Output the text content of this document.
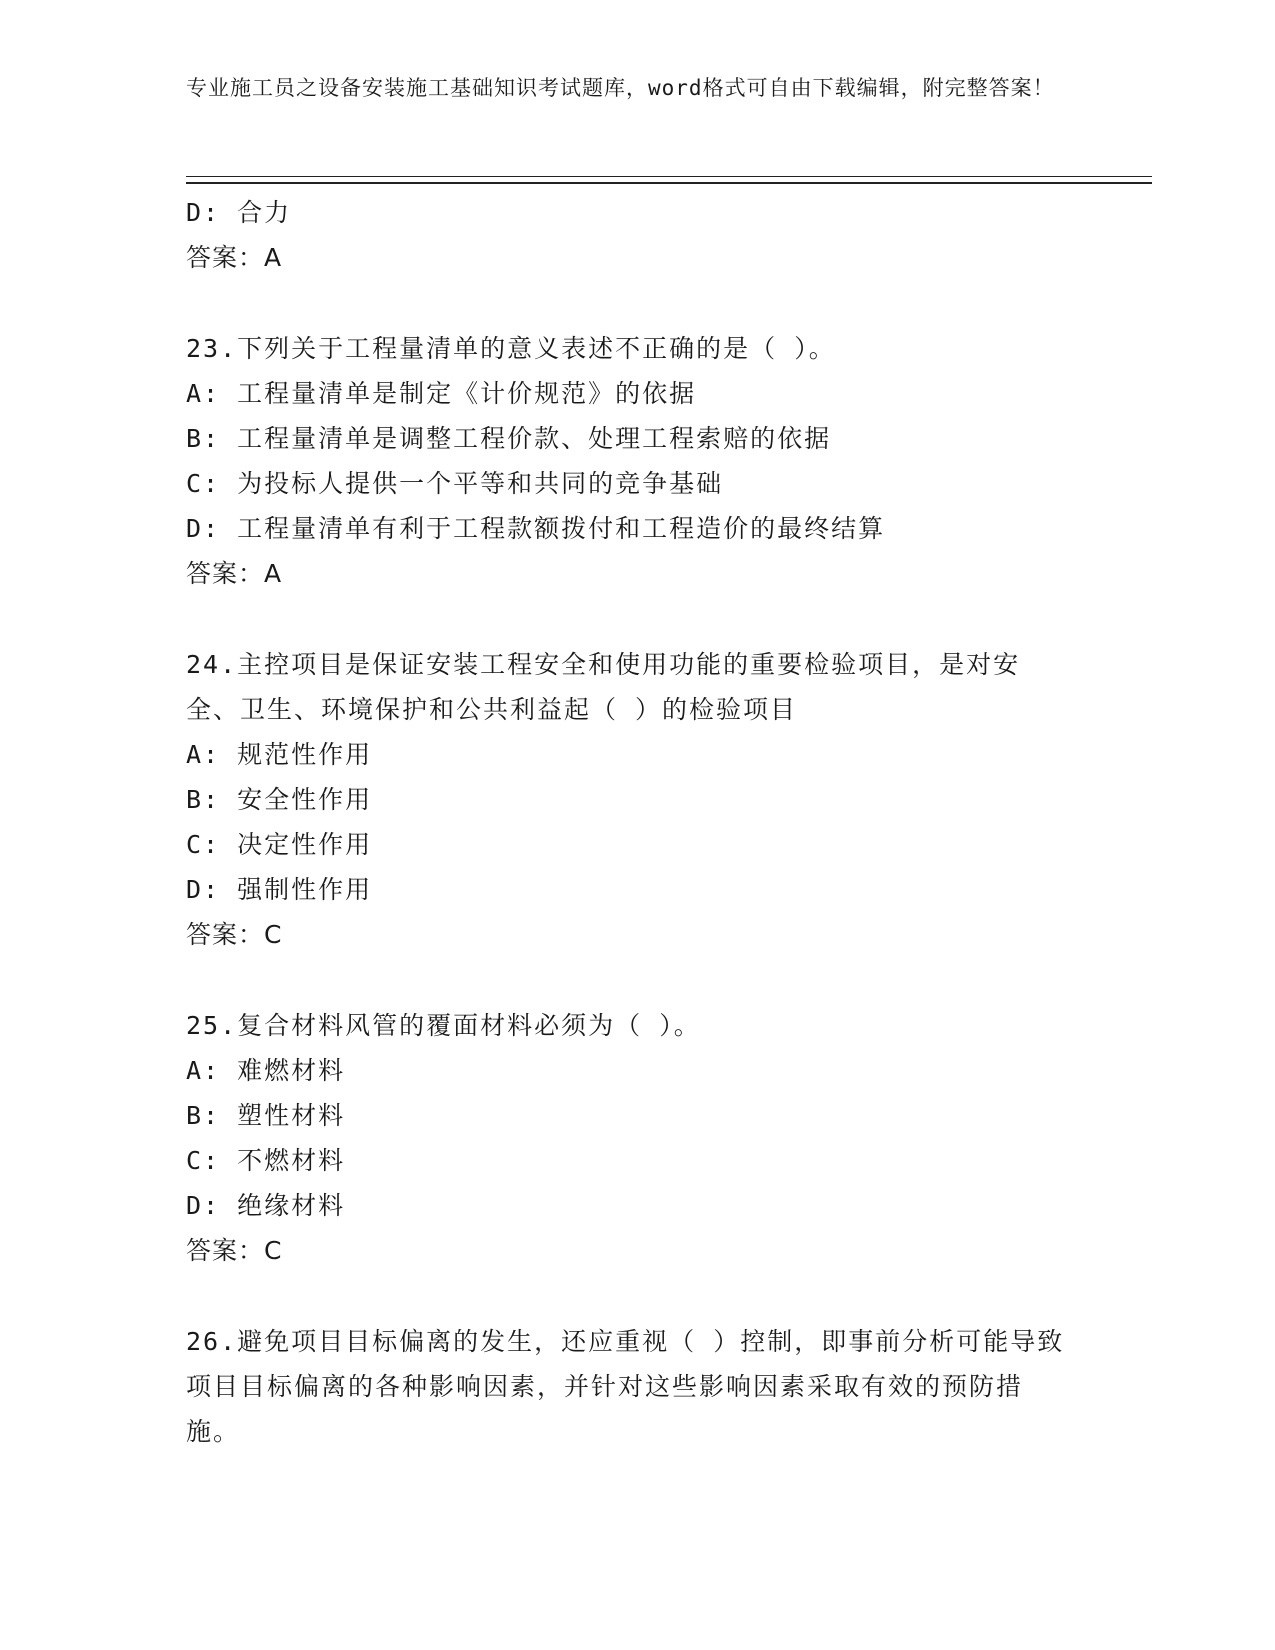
专业施工员之设备安装施工基础知识考试题库，word格式可自由下载编辑，附完整答案！
D: 合力
答案：A
23.下列关于工程量清单的意义表述不正确的是（ ）。
A: 工程量清单是制定《计价规范》的依据
B: 工程量清单是调整工程价款、处理工程索赔的依据
C: 为投标人提供一个平等和共同的竞争基础
D: 工程量清单有利于工程款额拨付和工程造价的最终结算
答案：A
24.主控项目是保证安装工程安全和使用功能的重要检验项目，是对安全、卫生、环境保护和公共利益起（ ）的检验项目
A: 规范性作用
B: 安全性作用
C: 决定性作用
D: 强制性作用
答案：C
25.复合材料风管的覆面材料必须为（ ）。
A: 难燃材料
B: 塑性材料
C: 不燃材料
D: 绝缘材料
答案：C
26.避免项目目标偏离的发生，还应重视（ ）控制，即事前分析可能导致项目目标偏离的各种影响因素，并针对这些影响因素采取有效的预防措施。
